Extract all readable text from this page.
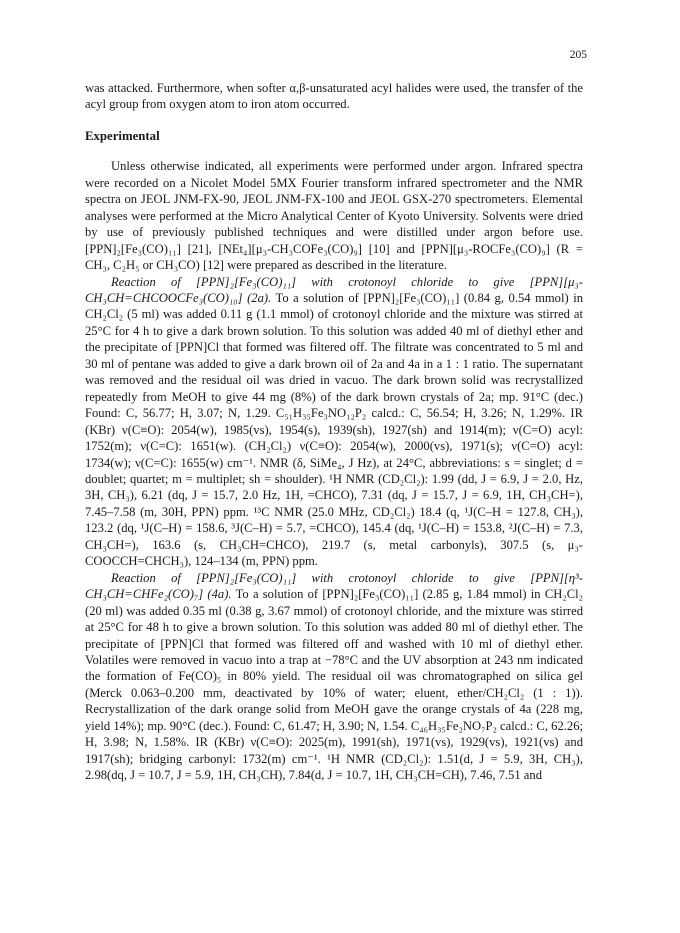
205

was attacked. Furthermore, when softer α,β-unsaturated acyl halides were used, the transfer of the acyl group from oxygen atom to iron atom occurred.

Experimental

Unless otherwise indicated, all experiments were performed under argon. Infrared spectra were recorded on a Nicolet Model 5MX Fourier transform infrared spectrometer and the NMR spectra on JEOL JNM-FX-90, JEOL JNM-FX-100 and JEOL GSX-270 spectrometers. Elemental analyses were performed at the Micro Analytical Center of Kyoto University. Solvents were dried by use of previously published techniques and were distilled under argon before use. [PPN]₂[Fe₃(CO)₁₁] [21], [NEt₄][μ₃-CH₃COFe₃(CO)₉] [10] and [PPN][μ₃-ROCFe₃(CO)₉] (R = CH₃, C₂H₅ or CH₃CO) [12] were prepared as described in the literature.

Reaction of [PPN]₂[Fe₃(CO)₁₁] with crotonoyl chloride to give [PPN][μ₃-CH₃CH=CHCOOCFe₃(CO)₁₀] (2a). To a solution of [PPN]₂[Fe₃(CO)₁₁] (0.84 g, 0.54 mmol) in CH₂Cl₂ (5 ml) was added 0.11 g (1.1 mmol) of crotonoyl chloride and the mixture was stirred at 25°C for 4 h to give a dark brown solution. To this solution was added 40 ml of diethyl ether and the precipitate of [PPN]Cl that formed was filtered off. The filtrate was concentrated to 5 ml and 30 ml of pentane was added to give a dark brown oil of 2a and 4a in a 1 : 1 ratio. The supernatant was removed and the residual oil was dried in vacuo. The dark brown solid was recrystallized repeatedly from MeOH to give 44 mg (8%) of the dark brown crystals of 2a; mp. 91°C (dec.) Found: C, 56.77; H, 3.07; N, 1.29. C₅₁H₃₅Fe₃NO₁₂P₂ calcd.: C, 56.54; H, 3.26; N, 1.29%. IR (KBr) ν(C≡O): 2054(w), 1985(vs), 1954(s), 1939(sh), 1927(sh) and 1914(m); ν(C=O) acyl: 1752(m); ν(C=C): 1651(w). (CH₂Cl₂) ν(C≡O): 2054(w), 2000(vs), 1971(s); ν(C=O) acyl: 1734(w); ν(C=C): 1655(w) cm⁻¹. NMR (δ, SiMe₄, J Hz), at 24°C, abbreviations: s = singlet; d = doublet; quartet; m = multiplet; sh = shoulder). ¹H NMR (CD₂Cl₂): 1.99 (dd, J = 6.9, J = 2.0, Hz, 3H, CH₃), 6.21 (dq, J = 15.7, 2.0 Hz, 1H, =CHCO), 7.31 (dq, J = 15.7, J = 6.9, 1H, CH₃CH=), 7.45–7.58 (m, 30H, PPN) ppm. ¹³C NMR (25.0 MHz, CD₂Cl₂) 18.4 (q, ¹J(C–H = 127.8, CH₃), 123.2 (dq, ¹J(C–H) = 158.6, ³J(C–H) = 5.7, =CHCO), 145.4 (dq, ¹J(C–H) = 153.8, ²J(C–H) = 7.3, CH₃CH=), 163.6 (s, CH₃CH=CHCO), 219.7 (s, metal carbonyls), 307.5 (s, μ₃-COOCCH=CHCH₃), 124–134 (m, PPN) ppm.

Reaction of [PPN]₂[Fe₃(CO)₁₁] with crotonoyl chloride to give [PPN][η³-CH₃CH=CHFe₂(CO)₇] (4a). To a solution of [PPN]₂[Fe₃(CO)₁₁] (2.85 g, 1.84 mmol) in CH₂Cl₂ (20 ml) was added 0.35 ml (0.38 g, 3.67 mmol) of crotonoyl chloride, and the mixture was stirred at 25°C for 48 h to give a brown solution. To this solution was added 80 ml of diethyl ether. The precipitate of [PPN]Cl that formed was filtered off and washed with 10 ml of diethyl ether. Volatiles were removed in vacuo into a trap at −78°C and the UV absorption at 243 nm indicated the formation of Fe(CO)₅ in 80% yield. The residual oil was chromatographed on silica gel (Merck 0.063–0.200 mm, deactivated by 10% of water; eluent, ether/CH₂Cl₂ (1 : 1)). Recrystallization of the dark orange solid from MeOH gave the orange crystals of 4a (228 mg, yield 14%); mp. 90°C (dec.). Found: C, 61.47; H, 3.90; N, 1.54. C₄₆H₃₅Fe₂NO₇P₂ calcd.: C, 62.26; H, 3.98; N, 1.58%. IR (KBr) ν(C≡O): 2025(m), 1991(sh), 1971(vs), 1929(vs), 1921(vs) and 1917(sh); bridging carbonyl: 1732(m) cm⁻¹. ¹H NMR (CD₂Cl₂): 1.51(d, J = 5.9, 3H, CH₃), 2.98(dq, J = 10.7, J = 5.9, 1H, CH₃CH), 7.84(d, J = 10.7, 1H, CH₃CH=CH), 7.46, 7.51 and
